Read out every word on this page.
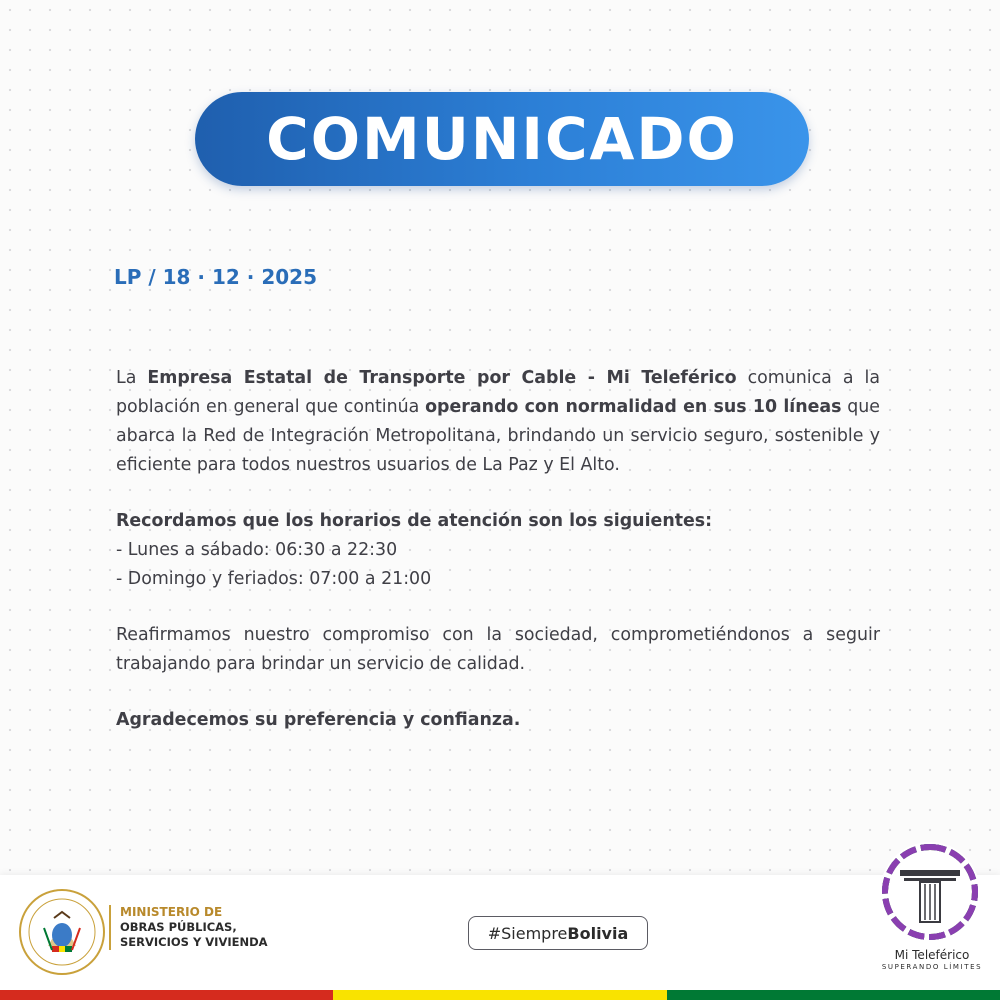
COMUNICADO
LP / 18 · 12 · 2025

La Empresa Estatal de Transporte por Cable - Mi Teleférico comunica a la población en general que continúa operando con normalidad en sus 10 líneas que abarca la Red de Integración Metropolitana, brindando un servicio seguro, sostenible y eficiente para todos nuestros usuarios de La Paz y El Alto.

Recordamos que los horarios de atención son los siguientes:

- Lunes a sábado: 06:30 a 22:30

- Domingo y feriados: 07:00 a 21:00

Reafirmamos nuestro compromiso con la sociedad, comprometiéndonos a seguir trabajando para brindar un servicio de calidad.

Agradecemos su preferencia y confianza.

MINISTERIO DE
OBRAS PÚBLICAS,
SERVICIOS Y VIVIENDA	#Siempre Bolivia
Mi Teleférico
SUPERANDO LÍMITES
